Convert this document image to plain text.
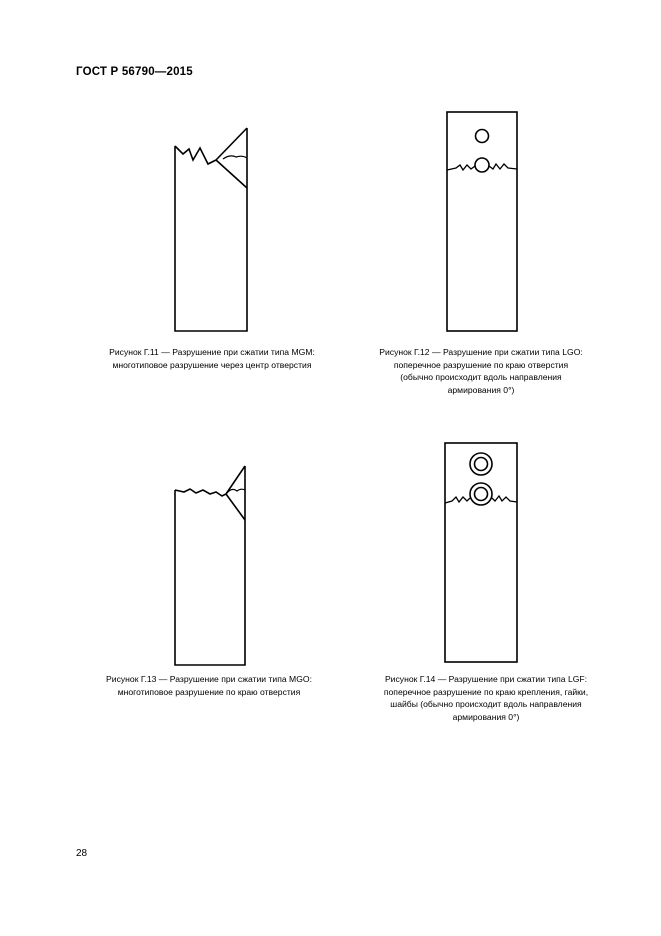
ГОСТ Р 56790—2015
Рисунок Г.11 — Разрушение при сжатии типа MGM:
многотиповое разрушение через центр отверстия
Рисунок Г.12 — Разрушение при сжатии типа LGO:
поперечное разрушение по краю отверстия
(обычно происходит вдоль направления
армирования 0°)
Рисунок Г.13 — Разрушение при сжатии типа MGO:
многотиповое разрушение по краю отверстия
Рисунок Г.14 — Разрушение при сжатии типа LGF:
поперечное разрушение по краю крепления, гайки,
шайбы (обычно происходит вдоль направления
армирования 0°)
28
